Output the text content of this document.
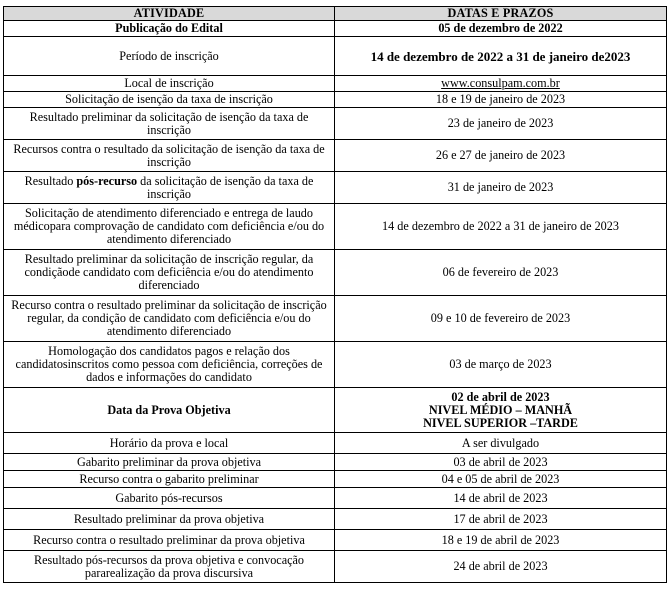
ATIVIDADE	DATAS E PRAZOS
Publicação do Edital	05 de dezembro de 2022
Período de inscrição	14 de dezembro de 2022 a 31 de janeiro de2023
Local de inscrição	www.consulpam.com.br
Solicitação de isenção da taxa de inscrição	18 e 19 de janeiro de 2023
Resultado preliminar da solicitação de isenção da taxa de inscrição	23 de janeiro de 2023
Recursos contra o resultado da solicitação de isenção da taxa de inscrição	26 e 27 de janeiro de 2023
Resultado pós-recurso da solicitação de isenção da taxa de inscrição	31 de janeiro de 2023
Solicitação de atendimento diferenciado e entrega de laudo médicopara comprovação de candidato com deficiência e/ou do atendimento diferenciado	14 de dezembro de 2022 a 31 de janeiro de 2023
Resultado preliminar da solicitação de inscrição regular, da condiçãode candidato com deficiência e/ou do atendimento diferenciado	06 de fevereiro de 2023
Recurso contra o resultado preliminar da solicitação de inscrição regular, da condição de candidato com deficiência e/ou do atendimento diferenciado	09 e 10 de fevereiro de 2023
Homologação dos candidatos pagos e relação dos candidatosinscritos como pessoa com deficiência, correções de dados e informações do candidato	03 de março de 2023
Data da Prova Objetiva	02 de abril de 2023
NIVEL MÉDIO – MANHÃ
NIVEL SUPERIOR –TARDE

Horário da prova e local	A ser divulgado
Gabarito preliminar da prova objetiva	03 de abril de 2023
Recurso contra o gabarito preliminar	04 e 05 de abril de 2023
Gabarito pós-recursos	14 de abril de 2023
Resultado preliminar da prova objetiva	17 de abril de 2023
Recurso contra o resultado preliminar da prova objetiva	18 e 19 de abril de 2023
Resultado pós-recursos da prova objetiva e convocação pararealização da prova discursiva	24 de abril de 2023
